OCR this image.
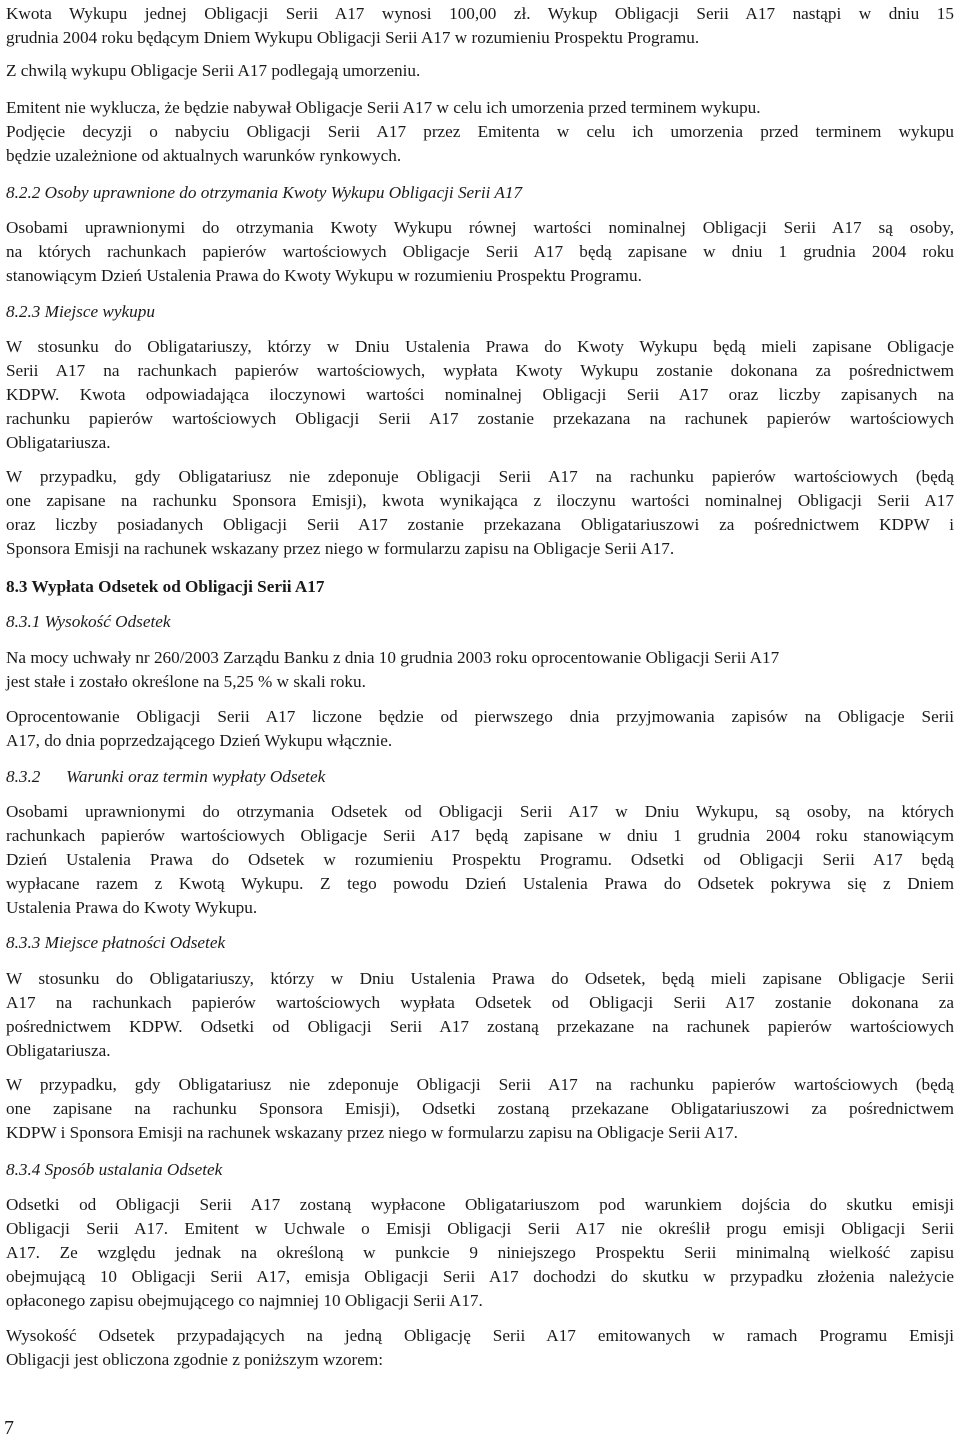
Kwota Wykupu jednej Obligacji Serii A17 wynosi 100,00 zł. Wykup Obligacji Serii A17 nastąpi w dniu 15
grudnia 2004 roku będącym Dniem Wykupu Obligacji Serii A17 w rozumieniu Prospektu Programu.

Z chwilą wykupu Obligacje Serii A17 podlegają umorzeniu.

Emitent nie wyklucza, że będzie nabywał Obligacje Serii A17 w celu ich umorzenia przed terminem wykupu.
Podjęcie decyzji o nabyciu Obligacji Serii A17 przez Emitenta w celu ich umorzenia przed terminem wykupu
będzie uzależnione od aktualnych warunków rynkowych.

8.2.2 Osoby uprawnione do otrzymania Kwoty Wykupu Obligacji Serii A17

Osobami uprawnionymi do otrzymania Kwoty Wykupu równej wartości nominalnej Obligacji Serii A17 są osoby,
na których rachunkach papierów wartościowych Obligacje Serii A17 będą zapisane w dniu 1 grudnia 2004 roku
stanowiącym Dzień Ustalenia Prawa do Kwoty Wykupu w rozumieniu Prospektu Programu.

8.2.3 Miejsce wykupu

W stosunku do Obligatariuszy, którzy w Dniu Ustalenia Prawa do Kwoty Wykupu będą mieli zapisane Obligacje
Serii A17 na rachunkach papierów wartościowych, wypłata Kwoty Wykupu zostanie dokonana za pośrednictwem
KDPW. Kwota odpowiadająca iloczynowi wartości nominalnej Obligacji Serii A17 oraz liczby zapisanych na
rachunku papierów wartościowych Obligacji Serii A17 zostanie przekazana na rachunek papierów wartościowych
Obligatariusza.

W przypadku, gdy Obligatariusz nie zdeponuje Obligacji Serii A17 na rachunku papierów wartościowych (będą
one zapisane na rachunku Sponsora Emisji), kwota wynikająca z iloczynu wartości nominalnej Obligacji Serii A17
oraz liczby posiadanych Obligacji Serii A17 zostanie przekazana Obligatariuszowi za pośrednictwem KDPW i
Sponsora Emisji na rachunek wskazany przez niego w formularzu zapisu na Obligacje Serii A17.

8.3 Wypłata Odsetek od Obligacji Serii A17

8.3.1 Wysokość Odsetek

Na mocy uchwały nr 260/2003 Zarządu Banku z dnia 10 grudnia 2003 roku oprocentowanie Obligacji Serii A17
jest stałe i zostało określone na 5,25 % w skali roku.

Oprocentowanie Obligacji Serii A17 liczone będzie od pierwszego dnia przyjmowania zapisów na Obligacje Serii
A17, do dnia poprzedzającego Dzień Wykupu włącznie.

8.3.2      Warunki oraz termin wypłaty Odsetek

Osobami uprawnionymi do otrzymania Odsetek od Obligacji Serii A17 w Dniu Wykupu, są osoby, na których
rachunkach papierów wartościowych Obligacje Serii A17 będą zapisane w dniu 1 grudnia 2004 roku stanowiącym
Dzień Ustalenia Prawa do Odsetek w rozumieniu Prospektu Programu. Odsetki od Obligacji Serii A17 będą
wypłacane razem z Kwotą Wykupu. Z tego powodu Dzień Ustalenia Prawa do Odsetek pokrywa się z Dniem
Ustalenia Prawa do Kwoty Wykupu.

8.3.3 Miejsce płatności Odsetek

W stosunku do Obligatariuszy, którzy w Dniu Ustalenia Prawa do Odsetek, będą mieli zapisane Obligacje Serii
A17 na rachunkach papierów wartościowych wypłata Odsetek od Obligacji Serii A17 zostanie dokonana za
pośrednictwem KDPW. Odsetki od Obligacji Serii A17 zostaną przekazane na rachunek papierów wartościowych
Obligatariusza.

W przypadku, gdy Obligatariusz nie zdeponuje Obligacji Serii A17 na rachunku papierów wartościowych (będą
one zapisane na rachunku Sponsora Emisji), Odsetki zostaną przekazane Obligatariuszowi za pośrednictwem
KDPW i Sponsora Emisji na rachunek wskazany przez niego w formularzu zapisu na Obligacje Serii A17.

8.3.4 Sposób ustalania Odsetek

Odsetki od Obligacji Serii A17 zostaną wypłacone Obligatariuszom pod warunkiem dojścia do skutku emisji
Obligacji Serii A17. Emitent w Uchwale o Emisji Obligacji Serii A17 nie określił progu emisji Obligacji Serii
A17. Ze względu jednak na określoną w punkcie 9 niniejszego Prospektu Serii minimalną wielkość zapisu
obejmującą 10 Obligacji Serii A17, emisja Obligacji Serii A17 dochodzi do skutku w przypadku złożenia należycie
opłaconego zapisu obejmującego co najmniej 10 Obligacji Serii A17.

Wysokość Odsetek przypadających na jedną Obligację Serii A17 emitowanych w ramach Programu Emisji
Obligacji jest obliczona zgodnie z poniższym wzorem:

7
